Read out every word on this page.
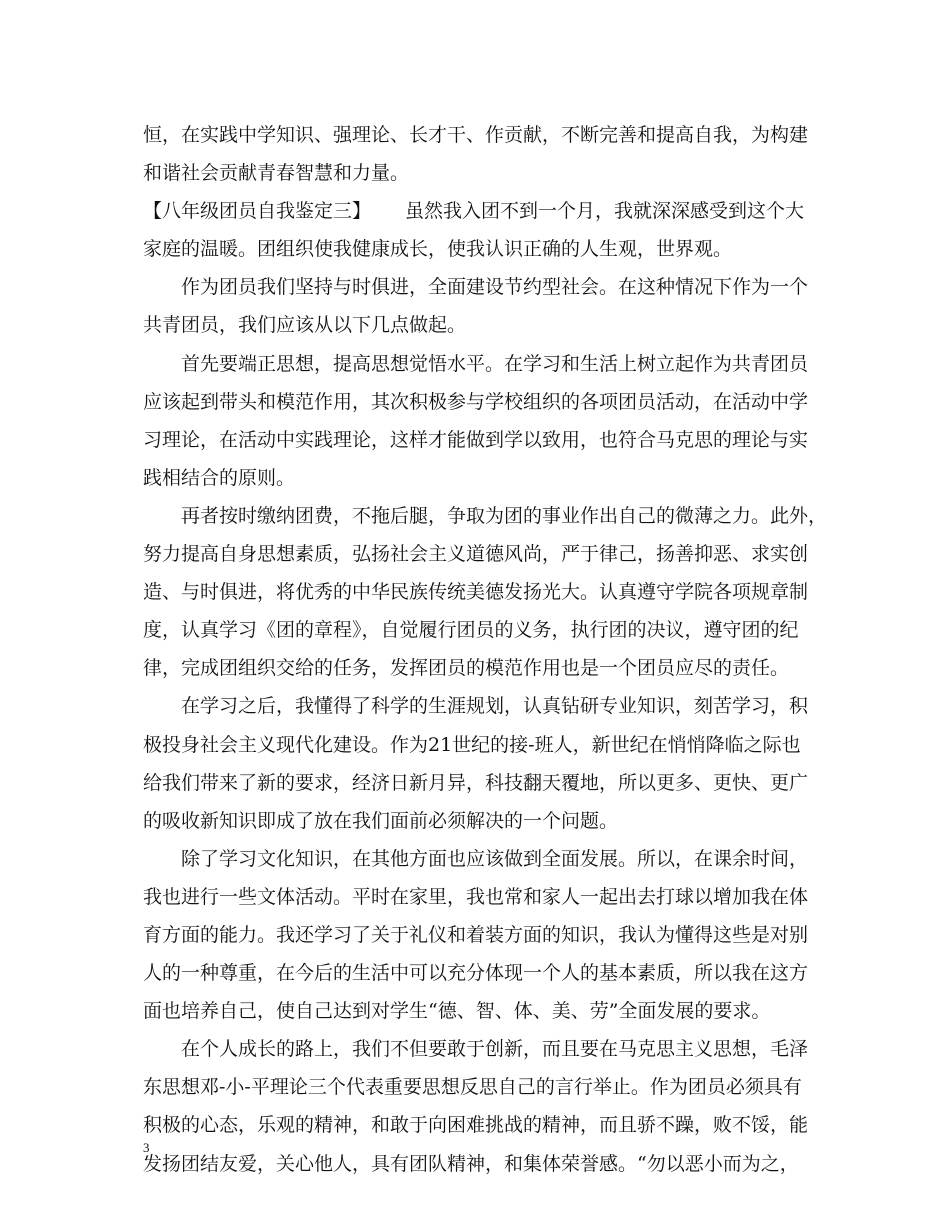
恒，在实践中学知识、强理论、长才干、作贡献，不断完善和提高自我，为构建
和谐社会贡献青春智慧和力量。
【八年级团员自我鉴定三】 虽然我入团不到一个月，我就深深感受到这个大
家庭的温暖。团组织使我健康成长，使我认识正确的人生观，世界观。
作为团员我们坚持与时俱进，全面建设节约型社会。在这种情况下作为一个
共青团员，我们应该从以下几点做起。
首先要端正思想，提高思想觉悟水平。在学习和生活上树立起作为共青团员
应该起到带头和模范作用，其次积极参与学校组织的各项团员活动，在活动中学
习理论，在活动中实践理论，这样才能做到学以致用，也符合马克思的理论与实
践相结合的原则。
再者按时缴纳团费，不拖后腿，争取为团的事业作出自己的微薄之力。此外，
努力提高自身思想素质，弘扬社会主义道德风尚，严于律己，扬善抑恶、求实创
造、与时俱进，将优秀的中华民族传统美德发扬光大。认真遵守学院各项规章制
度，认真学习《团的章程》，自觉履行团员的义务，执行团的决议，遵守团的纪
律，完成团组织交给的任务，发挥团员的模范作用也是一个团员应尽的责任。
在学习之后，我懂得了科学的生涯规划，认真钻研专业知识，刻苦学习，积
极投身社会主义现代化建设。作为21世纪的接-班人，新世纪在悄悄降临之际也
给我们带来了新的要求，经济日新月异，科技翻天覆地，所以更多、更快、更广
的吸收新知识即成了放在我们面前必须解决的一个问题。
除了学习文化知识，在其他方面也应该做到全面发展。所以，在课余时间，
我也进行一些文体活动。平时在家里，我也常和家人一起出去打球以增加我在体
育方面的能力。我还学习了关于礼仪和着装方面的知识，我认为懂得这些是对别
人的一种尊重，在今后的生活中可以充分体现一个人的基本素质，所以我在这方
面也培养自己，使自己达到对学生“德、智、体、美、劳”全面发展的要求。
在个人成长的路上，我们不但要敢于创新，而且要在马克思主义思想，毛泽
东思想邓-小-平理论三个代表重要思想反思自己的言行举止。作为团员必须具有
积极的心态，乐观的精神，和敢于向困难挑战的精神，而且骄不躁，败不馁，能
发扬团结友爱，关心他人，具有团队精神，和集体荣誉感。“勿以恶小而为之，
3
